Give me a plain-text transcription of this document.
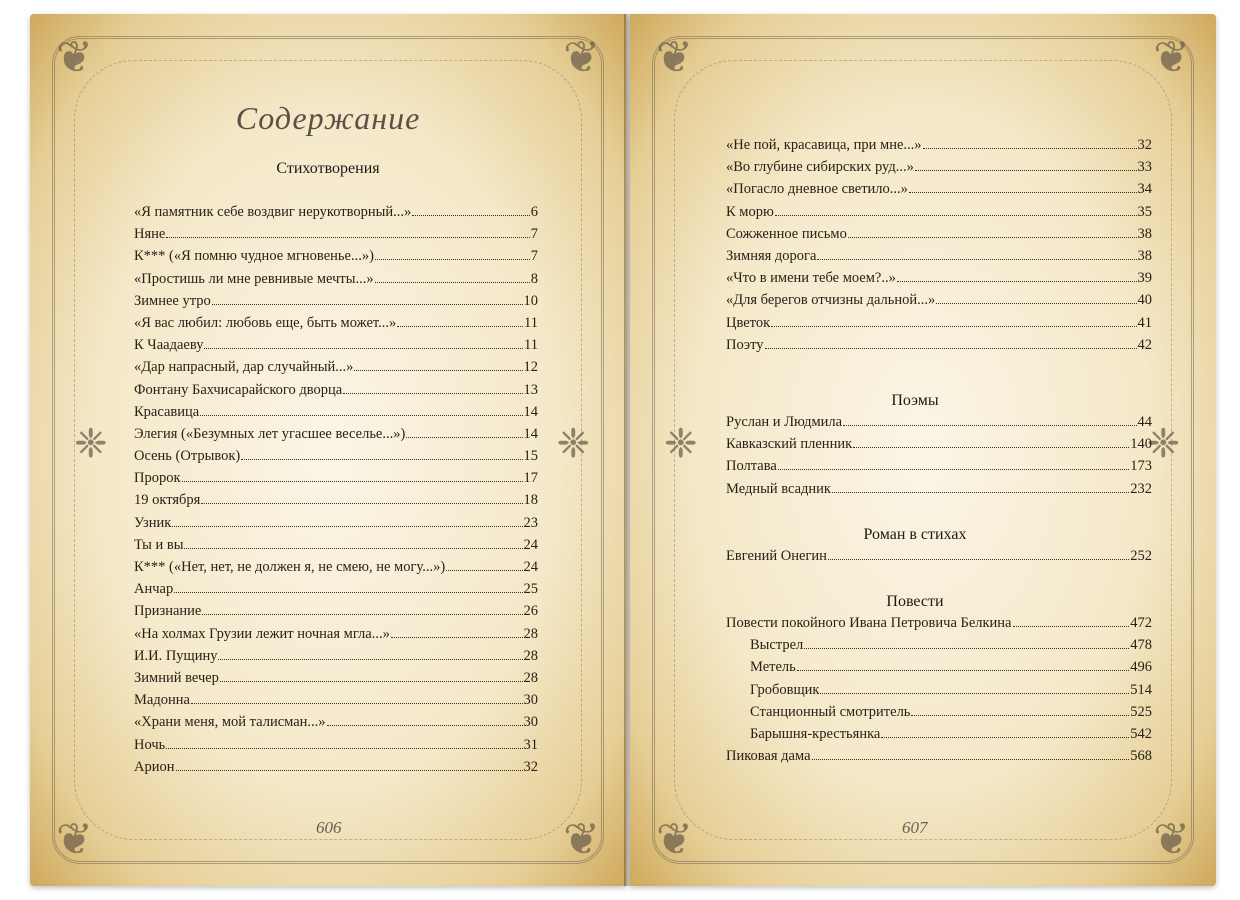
❦	❦
❦	❦
❈	❈
Содержание
Стихотворения
«Я памятник себе воздвиг нерукотворный...»	6
Няне	7
К*** («Я помню чудное мгновенье...»)	7
«Простишь ли мне ревнивые мечты...»	8
Зимнее утро	10
«Я вас любил: любовь еще, быть может...»	11
К Чаадаеву	11
«Дар напрасный, дар случайный...»	12
Фонтану Бахчисарайского дворца	13
Красавица	14
Элегия («Безумных лет угасшее веселье...»)	14
Осень (Отрывок)	15
Пророк	17
19 октября	18
Узник	23
Ты и вы	24
К*** («Нет, нет, не должен я, не смею, не могу...»)	24
Анчар	25
Признание	26
«На холмах Грузии лежит ночная мгла...»	28
И.И. Пущину	28
Зимний вечер	28
Мадонна	30
«Храни меня, мой талисман...»	30
Ночь	31
Арион	32
606
❦	❦
❦	❦
❈	❈
«Не пой, красавица, при мне...»	32
«Во глубине сибирских руд...»	33
«Погасло дневное светило...»	34
К морю	35
Сожженное письмо	38
Зимняя дорога	38
«Что в имени тебе моем?..»	39
«Для берегов отчизны дальной...»	40
Цветок	41
Поэту	42
Поэмы
Руслан и Людмила	44
Кавказский пленник	140
Полтава	173
Медный всадник	232
Роман в стихах
Евгений Онегин	252
Повести
Повести покойного Ивана Петровича Белкина	472
Выстрел	478
Метель	496
Гробовщик	514
Станционный смотритель	525
Барышня-крестьянка	542
Пиковая дама	568
607
